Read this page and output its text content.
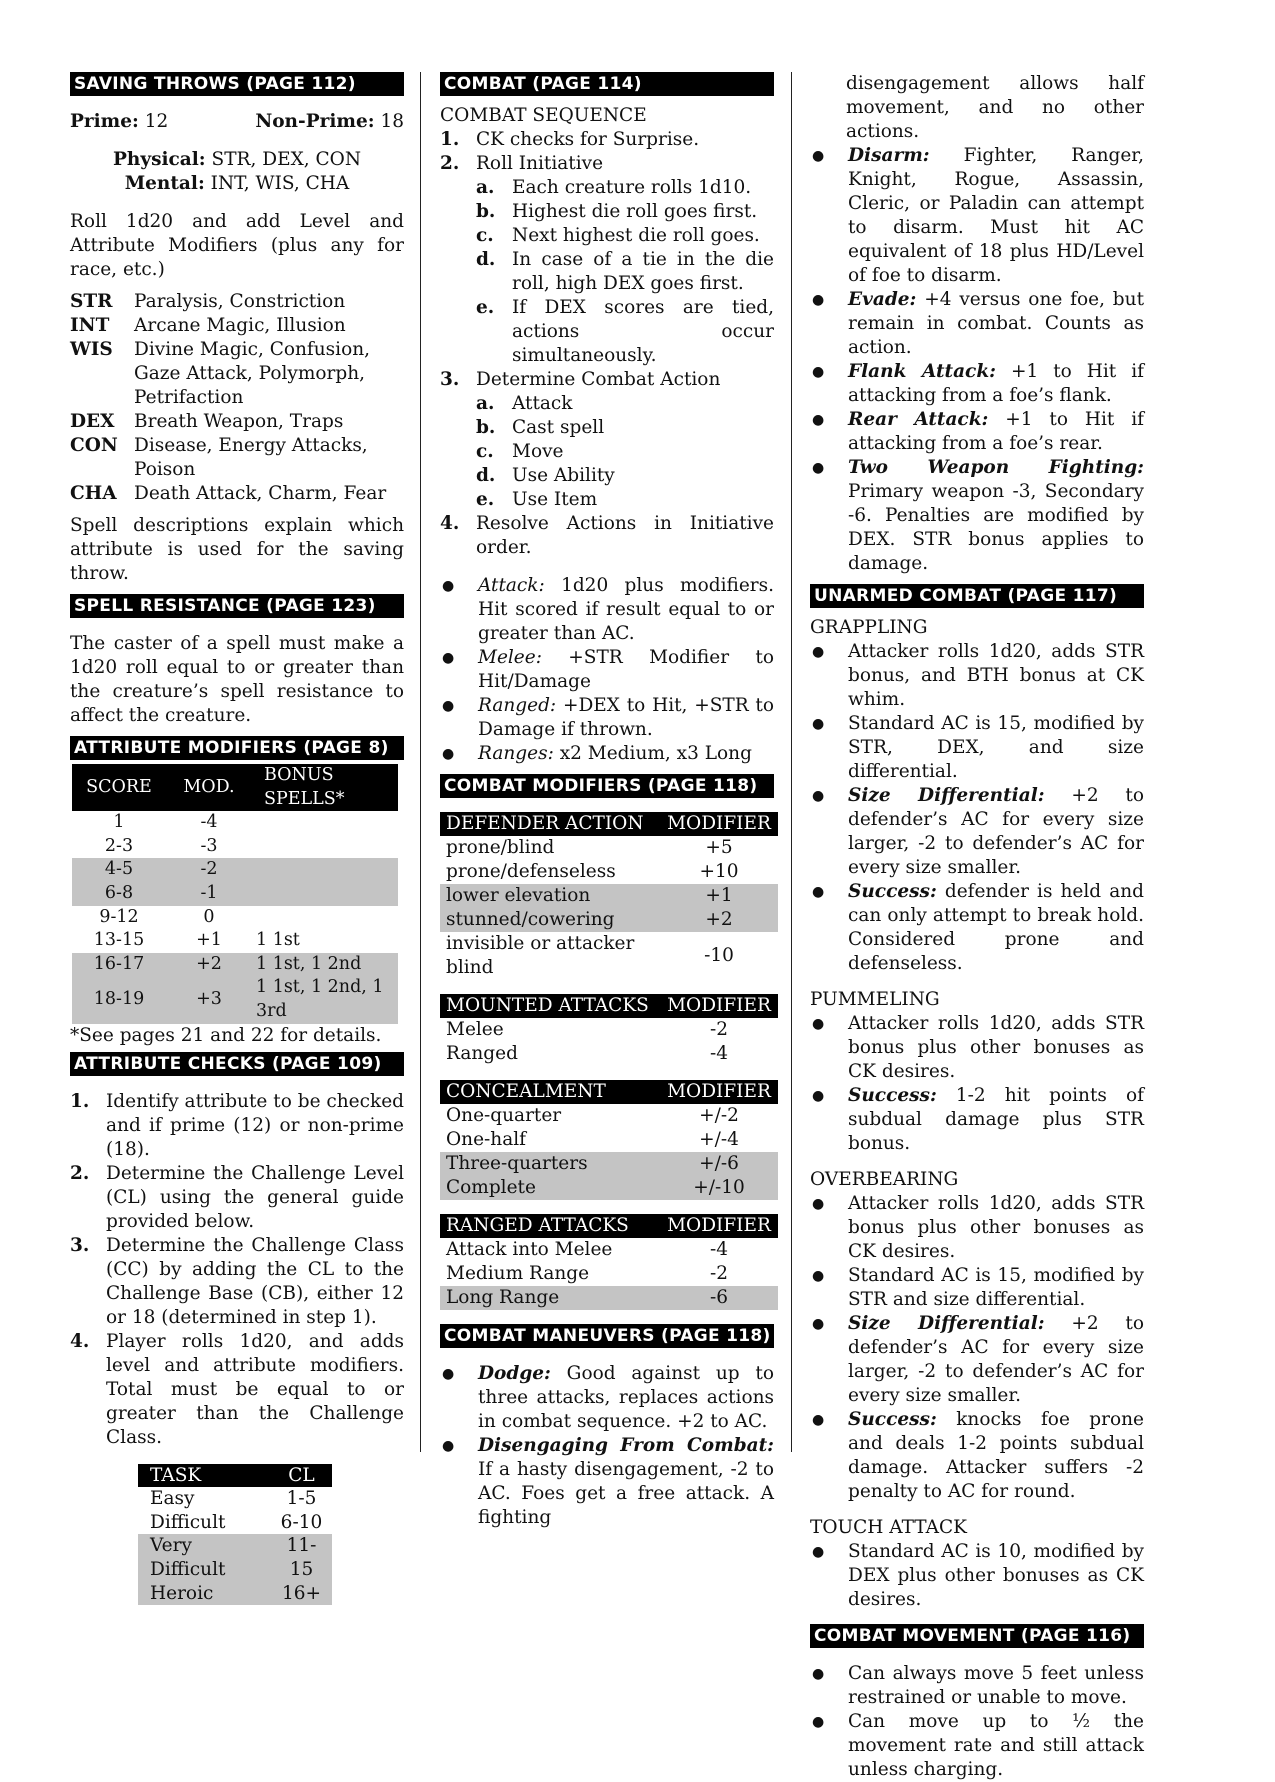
SAVING THROWS (PAGE 112)
Prime: 12	Non-Prime: 18
Physical: STR, DEX, CON
Mental: INT, WIS, CHA

Roll 1d20 and add Level and Attribute Modifiers (plus any for race, etc.)

STR	Paralysis, Constriction
INT	Arcane Magic, Illusion
WIS	Divine Magic, Confusion, Gaze Attack, Polymorph, Petrifaction
DEX	Breath Weapon, Traps
CON	Disease, Energy Attacks, Poison
CHA	Death Attack, Charm, Fear

Spell descriptions explain which attribute is used for the saving throw.

SPELL RESISTANCE (PAGE 123)

The caster of a spell must make a 1d20 roll equal to or greater than the creature’s spell resistance to affect the creature.

ATTRIBUTE MODIFIERS (PAGE 8)
SCORE	MOD.	BONUS SPELLS*
1	-4	
2-3	-3	
4-5	-2	
6-8	-1	
9-12	0	
13-15	+1	1 1st
16-17	+2	1 1st, 1 2nd
18-19	+3	1 1st, 1 2nd, 1 3rd

*See pages 21 and 22 for details.

ATTRIBUTE CHECKS (PAGE 109)
1. Identify attribute to be checked and if prime (12) or non-prime (18).
2. Determine the Challenge Level (CL) using the general guide provided below.
3. Determine the Challenge Class (CC) by adding the CL to the Challenge Base (CB), either 12 or 18 (determined in step 1).
4. Player rolls 1d20, and adds level and attribute modifiers. Total must be equal to or greater than the Challenge Class.
TASK	CL
Easy	1-5
Difficult	6-10
Very Difficult	11-15
Heroic	16+
COMBAT (PAGE 114)

COMBAT SEQUENCE

1. CK checks for Surprise.
2. Roll Initiative
a. Each creature rolls 1d10.
b. Highest die roll goes first.
c. Next highest die roll goes.
d. In case of a tie in the die roll, high DEX goes first.
e. If DEX scores are tied, actions occur simultaneously.
3. Determine Combat Action
a. Attack
b. Cast spell
c. Move
d. Use Ability
e. Use Item
4. Resolve Actions in Initiative order.
●	Attack: 1d20 plus modifiers. Hit scored if result equal to or greater than AC.
●	Melee: +STR Modifier to Hit/Damage
●	Ranged: +DEX to Hit, +STR to Damage if thrown.
●	Ranges: x2 Medium, x3 Long
COMBAT MODIFIERS (PAGE 118)
DEFENDER ACTION	MODIFIER
prone/blind	+5
prone/defenseless	+10
lower elevation	+1
stunned/cowering	+2
invisible or attacker blind	-10
MOUNTED ATTACKS	MODIFIER
Melee	-2
Ranged	-4
CONCEALMENT	MODIFIER
One-quarter	+/-2
One-half	+/-4
Three-quarters	+/-6
Complete	+/-10
RANGED ATTACKS	MODIFIER
Attack into Melee	-4
Medium Range	-2
Long Range	-6
COMBAT MANEUVERS (PAGE 118)
●	Dodge: Good against up to three attacks, replaces actions in combat sequence. +2 to AC.
●	Disengaging From Combat: If a hasty disengagement, -2 to AC. Foes get a free attack. A fighting

disengagement allows half movement, and no other actions.

●	Disarm: Fighter, Ranger, Knight, Rogue, Assassin, Cleric, or Paladin can attempt to disarm. Must hit AC equivalent of 18 plus HD/Level of foe to disarm.
●	Evade: +4 versus one foe, but remain in combat. Counts as action.
●	Flank Attack: +1 to Hit if attacking from a foe’s flank.
●	Rear Attack: +1 to Hit if attacking from a foe’s rear.
●	Two Weapon Fighting: Primary weapon -3, Secondary -6. Penalties are modified by DEX. STR bonus applies to damage.
UNARMED COMBAT (PAGE 117)

GRAPPLING

●	Attacker rolls 1d20, adds STR bonus, and BTH bonus at CK whim.
●	Standard AC is 15, modified by STR, DEX, and size differential.
●	Size Differential: +2 to defender’s AC for every size larger, -2 to defender’s AC for every size smaller.
●	Success: defender is held and can only attempt to break hold. Considered prone and defenseless.

PUMMELING

●	Attacker rolls 1d20, adds STR bonus plus other bonuses as CK desires.
●	Success: 1-2 hit points of subdual damage plus STR bonus.

OVERBEARING

●	Attacker rolls 1d20, adds STR bonus plus other bonuses as CK desires.
●	Standard AC is 15, modified by STR and size differential.
●	Size Differential: +2 to defender’s AC for every size larger, -2 to defender’s AC for every size smaller.
●	Success: knocks foe prone and deals 1-2 points subdual damage. Attacker suffers -2 penalty to AC for round.

TOUCH ATTACK

●	Standard AC is 10, modified by DEX plus other bonuses as CK desires.
COMBAT MOVEMENT (PAGE 116)
●	Can always move 5 feet unless restrained or unable to move.
●	Can move up to ½ the movement rate and still attack unless charging.
